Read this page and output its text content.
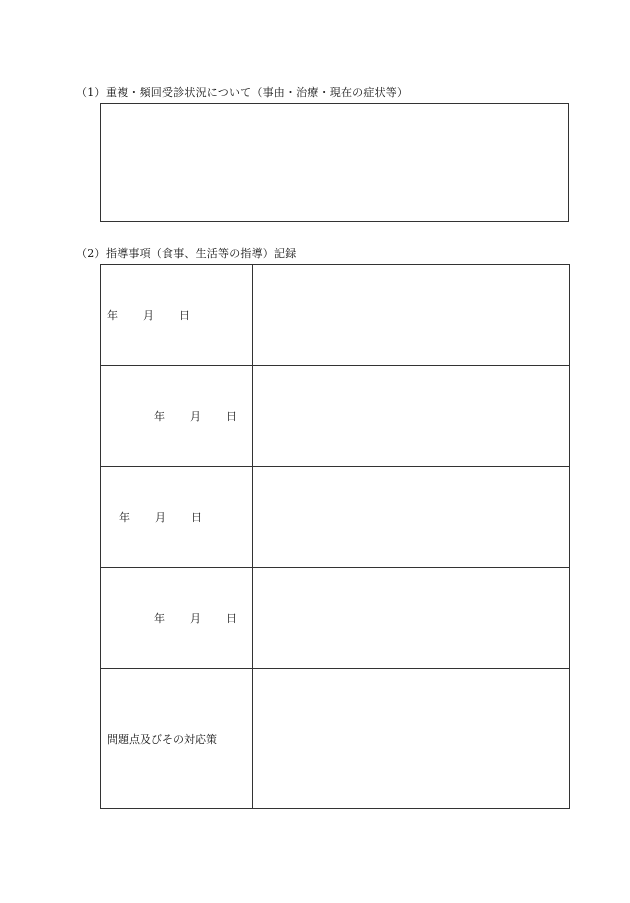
（1）重複・頻回受診状況について（事由・治療・現在の症状等）
（2）指導事項（食事、生活等の指導）記録
年 月 日	

年 月 日	

年 月 日	

年 月 日	

問題点及びその対応策	
